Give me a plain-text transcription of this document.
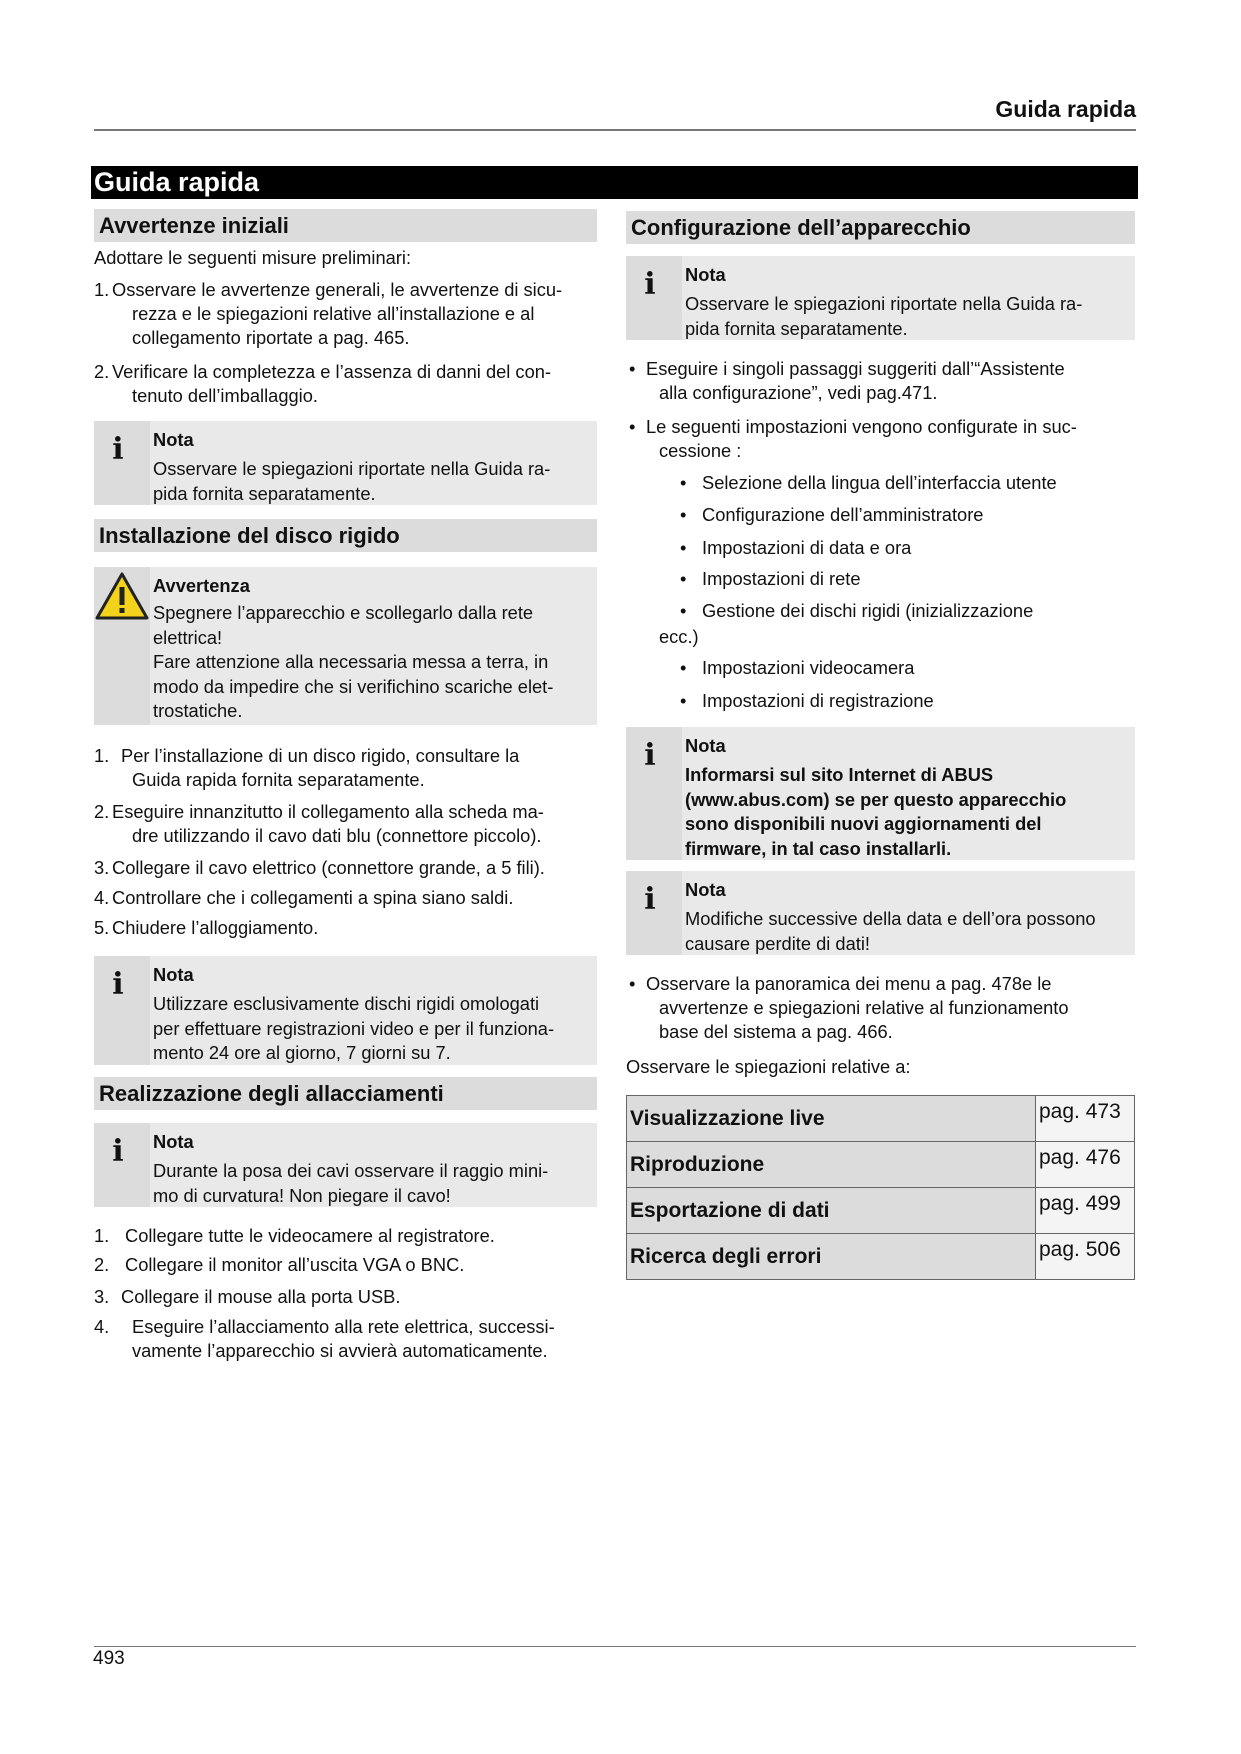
Guida rapida
Guida rapida
Avvertenze iniziali
Adottare le seguenti misure preliminari:
1. Osservare le avvertenze generali, le avvertenze di sicu-
rezza e le spiegazioni relative all’installazione e al
collegamento riportate a pag. 465.
2. Verificare la completezza e l’assenza di danni del con-
tenuto dell’imballaggio.
i Nota
Osservare le spiegazioni riportate nella Guida ra-
pida fornita separatamente.
Installazione del disco rigido
Avvertenza
Spegnere l’apparecchio e scollegarlo dalla rete
elettrica!
Fare attenzione alla necessaria messa a terra, in
modo da impedire che si verifichino scariche elet-
trostatiche.
1. Per l’installazione di un disco rigido, consultare la
Guida rapida fornita separatamente.
2. Eseguire innanzitutto il collegamento alla scheda ma-
dre utilizzando il cavo dati blu (connettore piccolo).
3. Collegare il cavo elettrico (connettore grande, a 5 fili).
4. Controllare che i collegamenti a spina siano saldi.
5. Chiudere l’alloggiamento.
i Nota
Utilizzare esclusivamente dischi rigidi omologati
per effettuare registrazioni video e per il funziona-
mento 24 ore al giorno, 7 giorni su 7.
Realizzazione degli allacciamenti
i Nota
Durante la posa dei cavi osservare il raggio mini-
mo di curvatura! Non piegare il cavo!
1. Collegare tutte le videocamere al registratore.
2. Collegare il monitor all’uscita VGA o BNC.
3. Collegare il mouse alla porta USB.
4. Eseguire l’allacciamento alla rete elettrica, successi-
vamente l’apparecchio si avvierà automaticamente.
Configurazione dell’apparecchio
i Nota
Osservare le spiegazioni riportate nella Guida ra-
pida fornita separatamente.
• Eseguire i singoli passaggi suggeriti dall’“Assistente
alla configurazione”, vedi pag.471.
• Le seguenti impostazioni vengono configurate in suc-
cessione :
• Selezione della lingua dell’interfaccia utente
• Configurazione dell’amministratore
• Impostazioni di data e ora
• Impostazioni di rete
• Gestione dei dischi rigidi (inizializzazione
ecc.)
• Impostazioni videocamera
• Impostazioni di registrazione
i Nota
Informarsi sul sito Internet di ABUS
(www.abus.com) se per questo apparecchio
sono disponibili nuovi aggiornamenti del
firmware, in tal caso installarli.
i Nota
Modifiche successive della data e dell’ora possono
causare perdite di dati!
• Osservare la panoramica dei menu a pag. 478e le
avvertenze e spiegazioni relative al funzionamento
base del sistema a pag. 466.
Osservare le spiegazioni relative a:
Visualizzazione live	pag. 473
Riproduzione	pag. 476
Esportazione di dati	pag. 499
Ricerca degli errori	pag. 506
493
